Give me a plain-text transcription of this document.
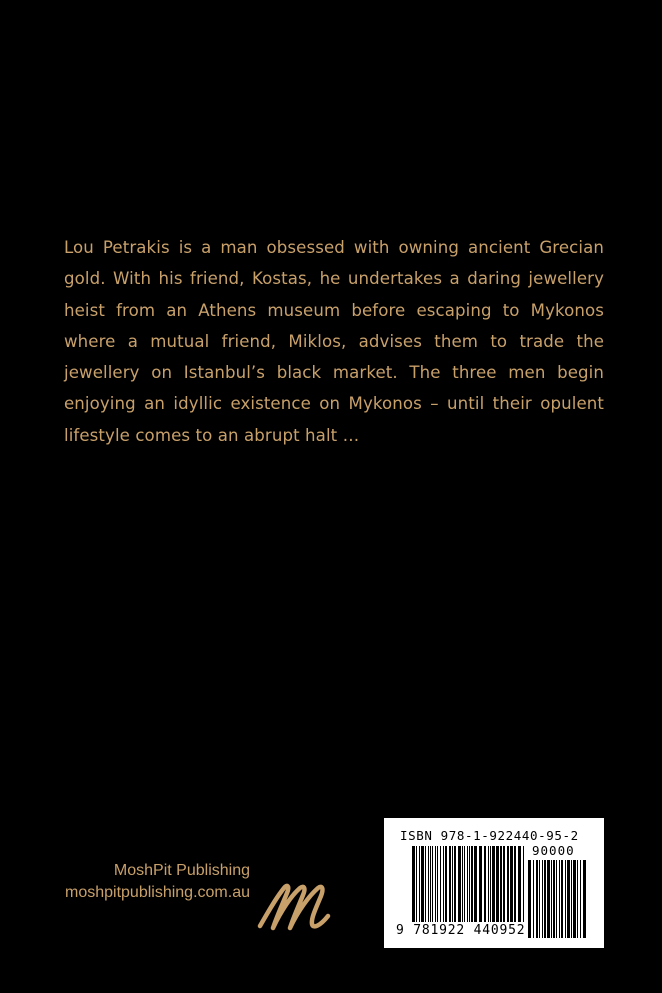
Lou Petrakis is a man obsessed with owning ancient Grecian gold. With his friend, Kostas, he undertakes a daring jewellery heist from an Athens museum before escaping to Mykonos where a mutual friend, Miklos, advises them to trade the jewellery on Istanbul’s black market. The three men begin enjoying an idyllic existence on Mykonos – until their opulent lifestyle comes to an abrupt halt …

MoshPit Publishing
moshpitpublishing.com.au
ISBN 978-1-922440-95-2
90000
9 781922 440952
